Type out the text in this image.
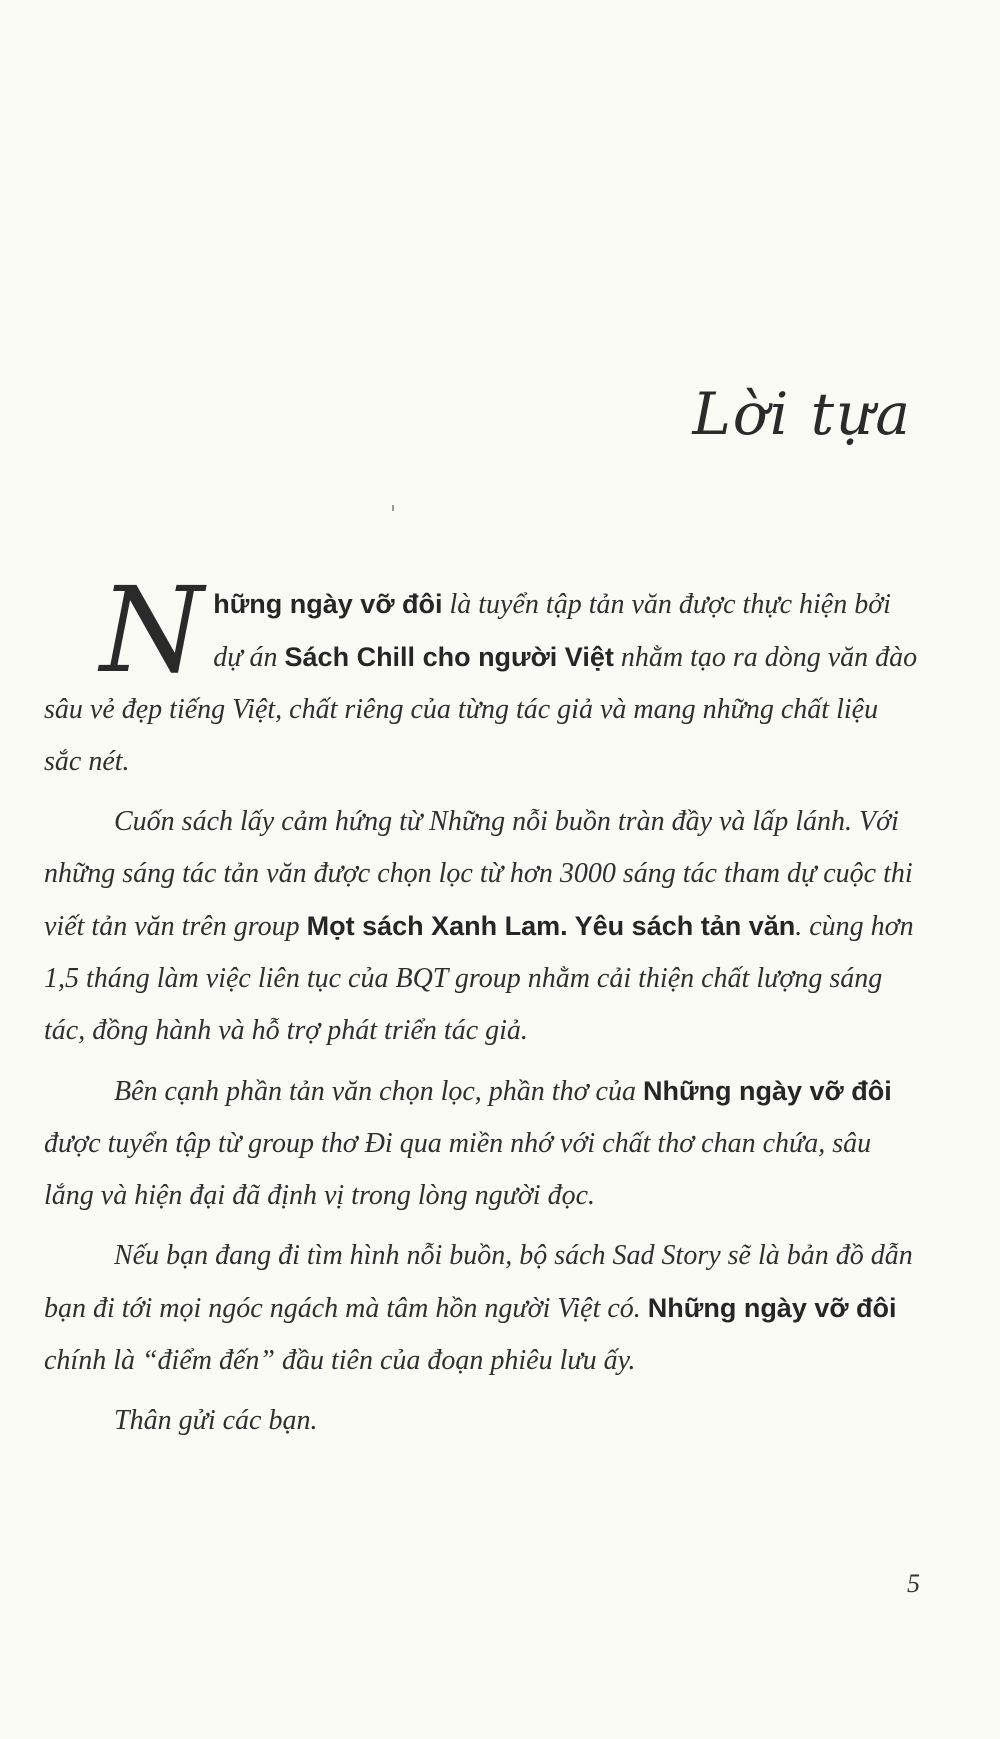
Lời tựa

Những ngày vỡ đôi là tuyển tập tản văn được thực hiện bởi dự án Sách Chill cho người Việt nhằm tạo ra dòng văn đào sâu vẻ đẹp tiếng Việt, chất riêng của từng tác giả và mang những chất liệu sắc nét.

Cuốn sách lấy cảm hứng từ Những nỗi buồn tràn đầy và lấp lánh. Với những sáng tác tản văn được chọn lọc từ hơn 3000 sáng tác tham dự cuộc thi viết tản văn trên group Mọt sách Xanh Lam. Yêu sách tản văn. cùng hơn 1,5 tháng làm việc liên tục của BQT group nhằm cải thiện chất lượng sáng tác, đồng hành và hỗ trợ phát triển tác giả.

Bên cạnh phần tản văn chọn lọc, phần thơ của Những ngày vỡ đôi được tuyển tập từ group thơ Đi qua miền nhớ với chất thơ chan chứa, sâu lắng và hiện đại đã định vị trong lòng người đọc.

Nếu bạn đang đi tìm hình nỗi buồn, bộ sách Sad Story sẽ là bản đồ dẫn bạn đi tới mọi ngóc ngách mà tâm hồn người Việt có. Những ngày vỡ đôi chính là “điểm đến” đầu tiên của đoạn phiêu lưu ấy.

Thân gửi các bạn.

5
